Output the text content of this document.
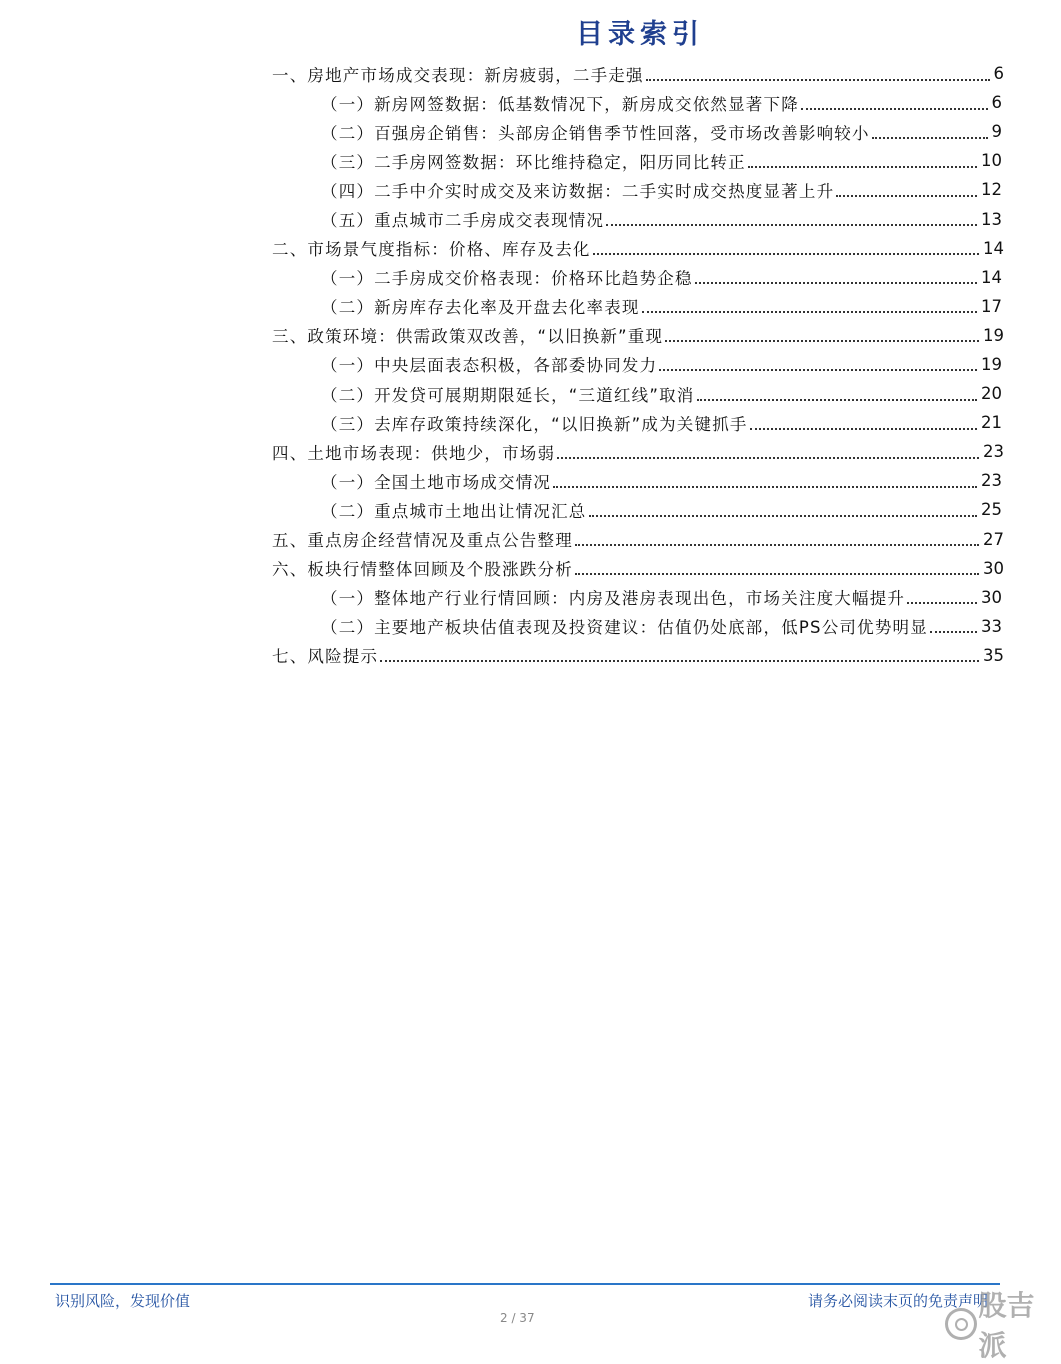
目录索引
一、房地产市场成交表现：新房疲弱，二手走强	6
（一）新房网签数据：低基数情况下，新房成交依然显著下降	6
（二）百强房企销售：头部房企销售季节性回落，受市场改善影响较小	9
（三）二手房网签数据：环比维持稳定，阳历同比转正	10
（四）二手中介实时成交及来访数据：二手实时成交热度显著上升	12
（五）重点城市二手房成交表现情况	13
二、市场景气度指标：价格、库存及去化	14
（一）二手房成交价格表现：价格环比趋势企稳	14
（二）新房库存去化率及开盘去化率表现	17
三、政策环境：供需政策双改善，“以旧换新”重现	19
（一）中央层面表态积极，各部委协同发力	19
（二）开发贷可展期期限延长，“三道红线”取消	20
（三）去库存政策持续深化，“以旧换新”成为关键抓手	21
四、土地市场表现：供地少，市场弱	23
（一）全国土地市场成交情况	23
（二）重点城市土地出让情况汇总	25
五、重点房企经营情况及重点公告整理	27
六、板块行情整体回顾及个股涨跌分析	30
（一）整体地产行业行情回顾：内房及港房表现出色，市场关注度大幅提升	30
（二）主要地产板块估值表现及投资建议：估值仍处底部，低PS公司优势明显	33
七、风险提示	35
识别风险，发现价值	请务必阅读末页的免责声明
2 / 37	股吉派
